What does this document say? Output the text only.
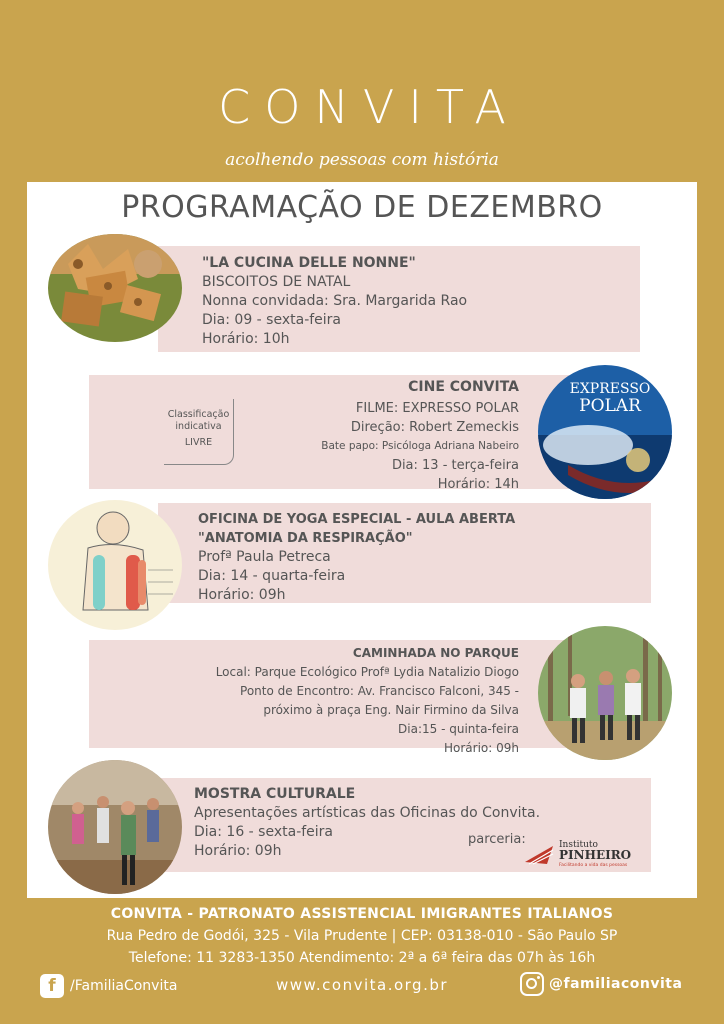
CONVITA
acolhendo pessoas com história
PROGRAMAÇÃO DE DEZEMBRO
"LA CUCINA DELLE NONNE"
BISCOITOS DE NATAL
Nonna convidada: Sra. Margarida Rao
Dia: 09 - sexta-feira
Horário: 10h
CINE CONVITA
FILME: EXPRESSO POLAR
Direção: Robert Zemeckis
Bate papo: Psicóloga Adriana Nabeiro
Dia: 13 - terça-feira
Horário: 14h
Classificação
indicativa
LIVRE
EXPRESSO
POLAR
OFICINA DE YOGA ESPECIAL - AULA ABERTA
"ANATOMIA DA RESPIRAÇÃO"
Profª Paula Petreca
Dia: 14 - quarta-feira
Horário: 09h
CAMINHADA NO PARQUE
Local: Parque Ecológico Profª Lydia Natalizio Diogo
Ponto de Encontro: Av. Francisco Falconi, 345 -
próximo à praça Eng. Nair Firmino da Silva
Dia:15 - quinta-feira
Horário: 09h
MOSTRA CULTURALE
Apresentações artísticas das Oficinas do Convita.
Dia: 16 - sexta-feira
Horário: 09h
parceria:	Instituto
PINHEIRO
Facilitando a vida das pessoas
CONVITA - PATRONATO ASSISTENCIAL IMIGRANTES ITALIANOS
Rua Pedro de Godói, 325 - Vila Prudente | CEP: 03138-010 - São Paulo SP
Telefone: 11 3283-1350 Atendimento: 2ª a 6ª feira das 07h às 16h
f	/FamiliaConvita	www.convita.org.br	@familiaconvita
